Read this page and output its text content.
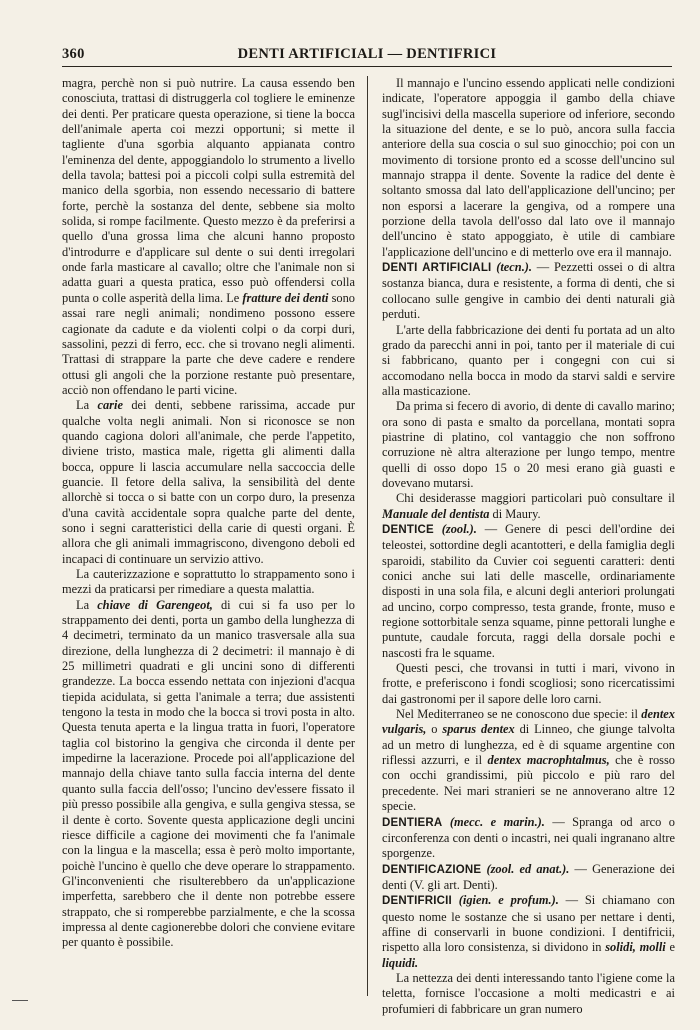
360	DENTI ARTIFICIALI — DENTIFRICI

magra, perchè non si può nutrire. La causa essendo ben conosciuta, trattasi di distruggerla col togliere le eminenze dei denti. Per praticare questa operazione, si tiene la bocca dell'animale aperta coi mezzi opportuni; si mette il tagliente d'una sgorbia alquanto appianata contro l'eminenza del dente, appoggiandolo lo strumento a livello della tavola; battesi poi a piccoli colpi sulla estremità del manico della sgorbia, non essendo necessario di battere forte, perchè la sostanza del dente, sebbene sia molto solida, si rompe facilmente. Questo mezzo è da preferirsi a quello d'una grossa lima che alcuni hanno proposto d'introdurre e d'applicare sul dente o sui denti irregolari onde farla masticare al cavallo; oltre che l'animale non si adatta guari a questa pratica, esso può offendersi colla punta o colle asperità della lima. Le fratture dei denti sono assai rare negli animali; nondimeno possono essere cagionate da cadute e da violenti colpi o da corpi duri, sassolini, pezzi di ferro, ecc. che si trovano negli alimenti. Trattasi di strappare la parte che deve cadere e rendere ottusi gli angoli che la porzione restante può presentare, acciò non offendano le parti vicine.

La carie dei denti, sebbene rarissima, accade pur qualche volta negli animali. Non si riconosce se non quando cagiona dolori all'animale, che perde l'appetito, diviene tristo, mastica male, rigetta gli alimenti dalla bocca, oppure li lascia accumulare nella saccoccia delle guancie. Il fetore della saliva, la sensibilità del dente allorchè si tocca o si batte con un corpo duro, la presenza d'una cavità accidentale sopra qualche parte del dente, sono i segni caratteristici della carie di questi organi. È allora che gli animali immagriscono, divengono deboli ed incapaci di continuare un servizio attivo.

La cauterizzazione e soprattutto lo strappamento sono i mezzi da praticarsi per rimediare a questa malattia.

La chiave di Garengeot, di cui si fa uso per lo strappamento dei denti, porta un gambo della lunghezza di 4 decimetri, terminato da un manico trasversale alla sua direzione, della lunghezza di 2 decimetri: il mannajo è di 25 millimetri quadrati e gli uncini sono di differenti grandezze. La bocca essendo nettata con injezioni d'acqua tiepida acidulata, si getta l'animale a terra; due assistenti tengono la testa in modo che la bocca si trovi posta in alto. Questa tenuta aperta e la lingua tratta in fuori, l'operatore taglia col bistorino la gengiva che circonda il dente per impedirne la lacerazione. Procede poi all'applicazione del mannajo della chiave tanto sulla faccia interna del dente quanto sulla faccia dell'osso; l'uncino dev'essere fissato il più presso possibile alla gengiva, e sulla gengiva stessa, se il dente è corto. Sovente questa applicazione degli uncini riesce difficile a cagione dei movimenti che fa l'animale con la lingua e la mascella; essa è però molto importante, poichè l'uncino è quello che deve operare lo strappamento. Gl'inconvenienti che risulterebbero da un'applicazione imperfetta, sarebbero che il dente non potrebbe essere strappato, che si romperebbe parzialmente, e che la scossa impressa al dente cagionerebbe dolori che conviene evitare per quanto è possibile.

Il mannajo e l'uncino essendo applicati nelle condizioni indicate, l'operatore appoggia il gambo della chiave sugl'incisivi della mascella superiore od inferiore, secondo la situazione del dente, e se lo può, ancora sulla faccia anteriore della sua coscia o sul suo ginocchio; poi con un movimento di torsione pronto ed a scosse dell'uncino sul mannajo strappa il dente. Sovente la radice del dente è soltanto smossa dal lato dell'applicazione dell'uncino; per non esporsi a lacerare la gengiva, od a rompere una porzione della tavola dell'osso dal lato ove il mannajo dell'uncino è stato appoggiato, è utile di cambiare l'applicazione dell'uncino e di metterlo ove era il mannajo.

DENTI ARTIFICIALI (tecn.). — Pezzetti ossei o di altra sostanza bianca, dura e resistente, a forma di denti, che si collocano sulle gengive in cambio dei denti naturali già perduti.

L'arte della fabbricazione dei denti fu portata ad un alto grado da parecchi anni in poi, tanto per il materiale di cui si fabbricano, quanto per i congegni con cui si accomodano nella bocca in modo da starvi saldi e servire alla masticazione.

Da prima si fecero di avorio, di dente di cavallo marino; ora sono di pasta e smalto da porcellana, montati sopra piastrine di platino, col vantaggio che non soffrono corruzione nè altra alterazione per lungo tempo, mentre quelli di osso dopo 15 o 20 mesi erano già guasti e dovevano mutarsi.

Chi desiderasse maggiori particolari può consultare il Manuale del dentista di Maury.

DENTICE (zool.). — Genere di pesci dell'ordine dei teleostei, sottordine degli acantotteri, e della famiglia degli sparoidi, stabilito da Cuvier coi seguenti caratteri: denti conici anche sui lati delle mascelle, ordinariamente disposti in una sola fila, e alcuni degli anteriori prolungati ad uncino, corpo compresso, testa grande, fronte, muso e regione sottorbitale senza squame, pinne pettorali lunghe e puntute, caudale forcuta, raggi della dorsale pochi e nascosti fra le squame.

Questi pesci, che trovansi in tutti i mari, vivono in frotte, e preferiscono i fondi scogliosi; sono ricercatissimi dai gastronomi per il sapore delle loro carni.

Nel Mediterraneo se ne conoscono due specie: il dentex vulgaris, o sparus dentex di Linneo, che giunge talvolta ad un metro di lunghezza, ed è di squame argentine con riflessi azzurri, e il dentex macrophtalmus, che è rosso con occhi grandissimi, più piccolo e più raro del precedente. Nei mari stranieri se ne annoverano altre 12 specie.

DENTIERA (mecc. e marin.). — Spranga od arco o circonferenza con denti o incastri, nei quali ingranano altre sporgenze.

DENTIFICAZIONE (zool. ed anat.). — Generazione dei denti (V. gli art. Denti).

DENTIFRICII (igien. e profum.). — Si chiamano con questo nome le sostanze che si usano per nettare i denti, affine di conservarli in buone condizioni. I dentifricii, rispetto alla loro consistenza, si dividono in solidi, molli e liquidi.

La nettezza dei denti interessando tanto l'igiene come la teletta, fornisce l'occasione a molti medicastri e ai profumieri di fabbricare un gran numero
